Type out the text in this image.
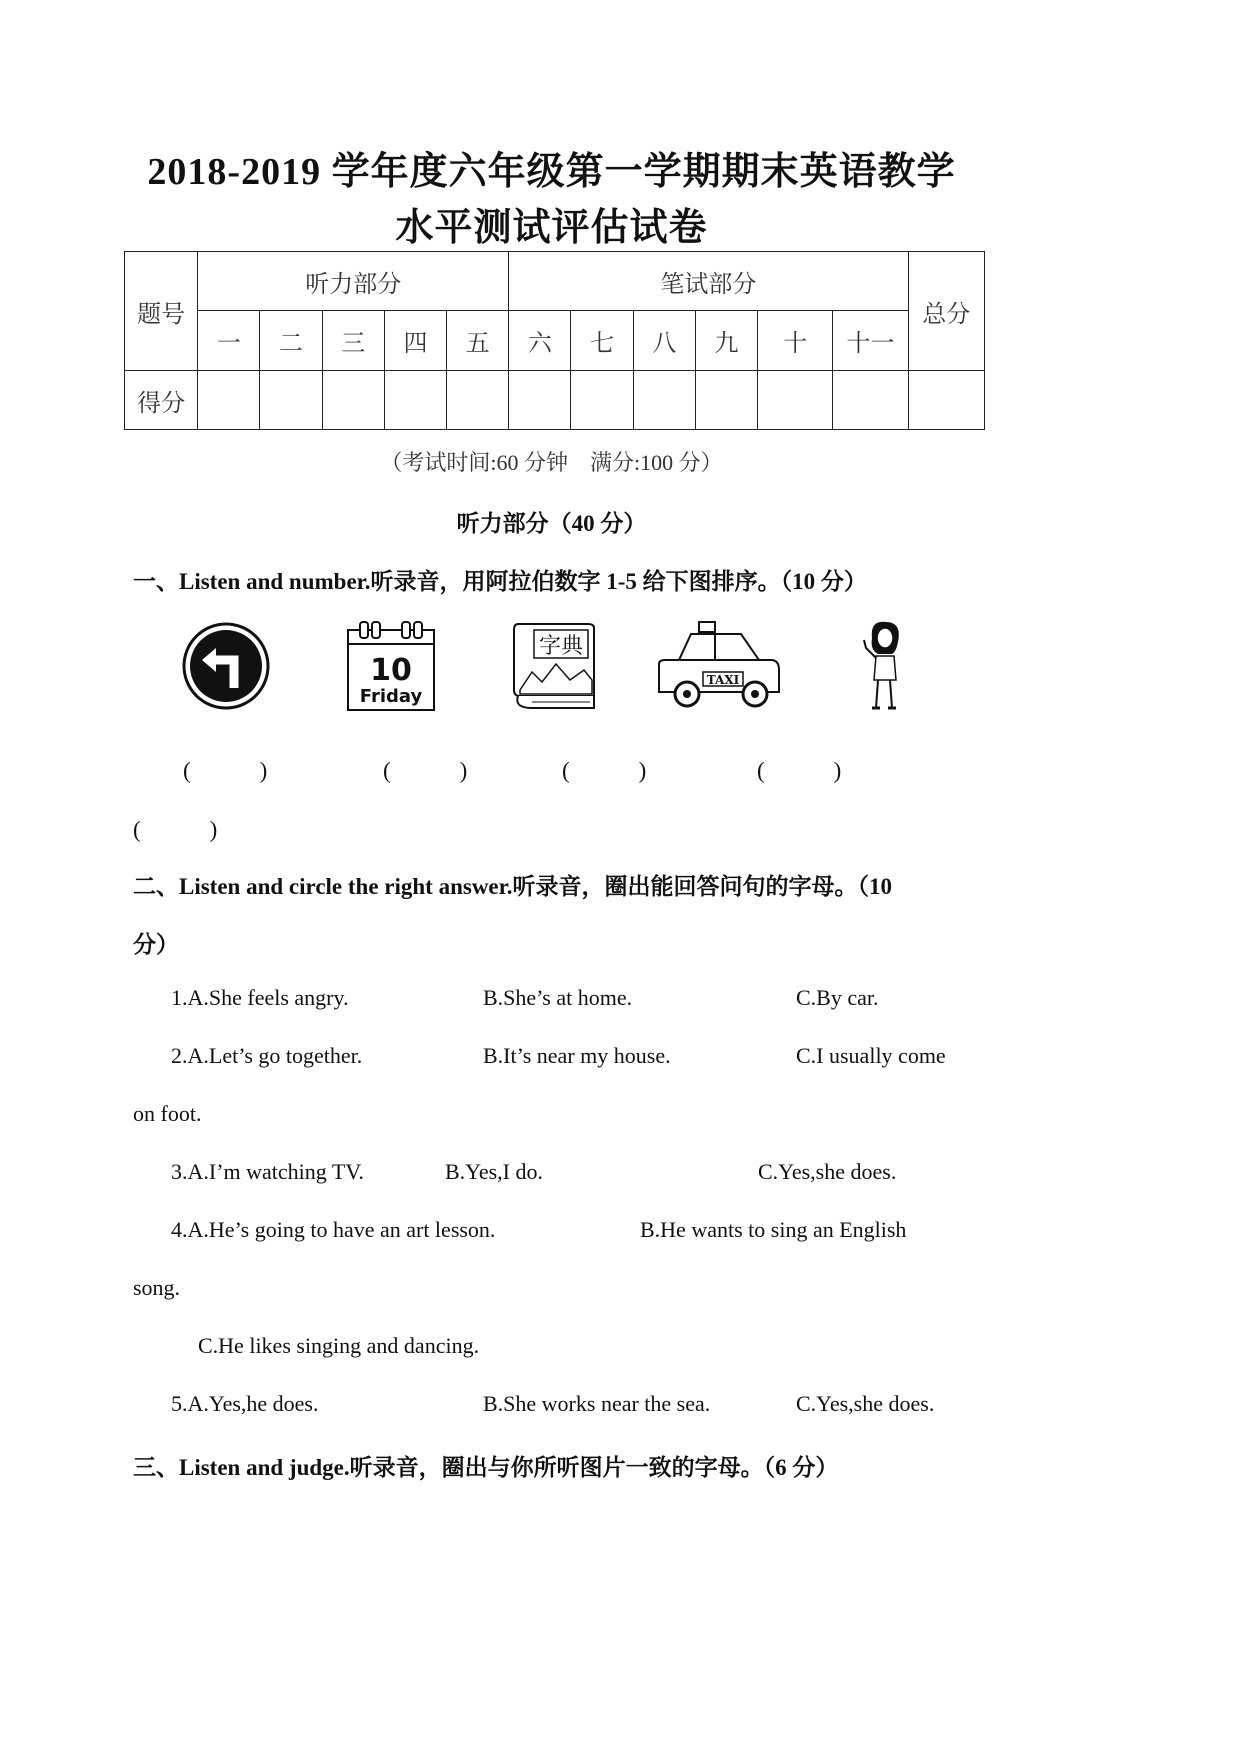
2018-2019 学年度六年级第一学期期末英语教学
水平测试评估试卷
题号	听力部分					笔试部分						总分
	一	二	三	四	五	六	七	八	九	十	十一	
得分												
（考试时间:60 分钟　满分:100 分）
听力部分（40 分）
一、Listen and number.听录音，用阿拉伯数字 1-5 给下图排序。（10 分）
10
Friday
字典
TAXI
(　　　)	(　　　)	(　　　)	(　　　)
(　　　)
二、Listen and circle the right answer.听录音，圈出能回答问句的字母。（10
分）
1.A.She feels angry.	B.She’s at home.	C.By car.
2.A.Let’s go together.	B.It’s near my house.	C.I usually come
on foot.
3.A.I’m watching TV.	B.Yes,I do.	C.Yes,she does.
4.A.He’s going to have an art lesson.	B.He wants to sing an English
song.
C.He likes singing and dancing.
5.A.Yes,he does.	B.She works near the sea.	C.Yes,she does.
三、Listen and judge.听录音，圈出与你所听图片一致的字母。（6 分）
